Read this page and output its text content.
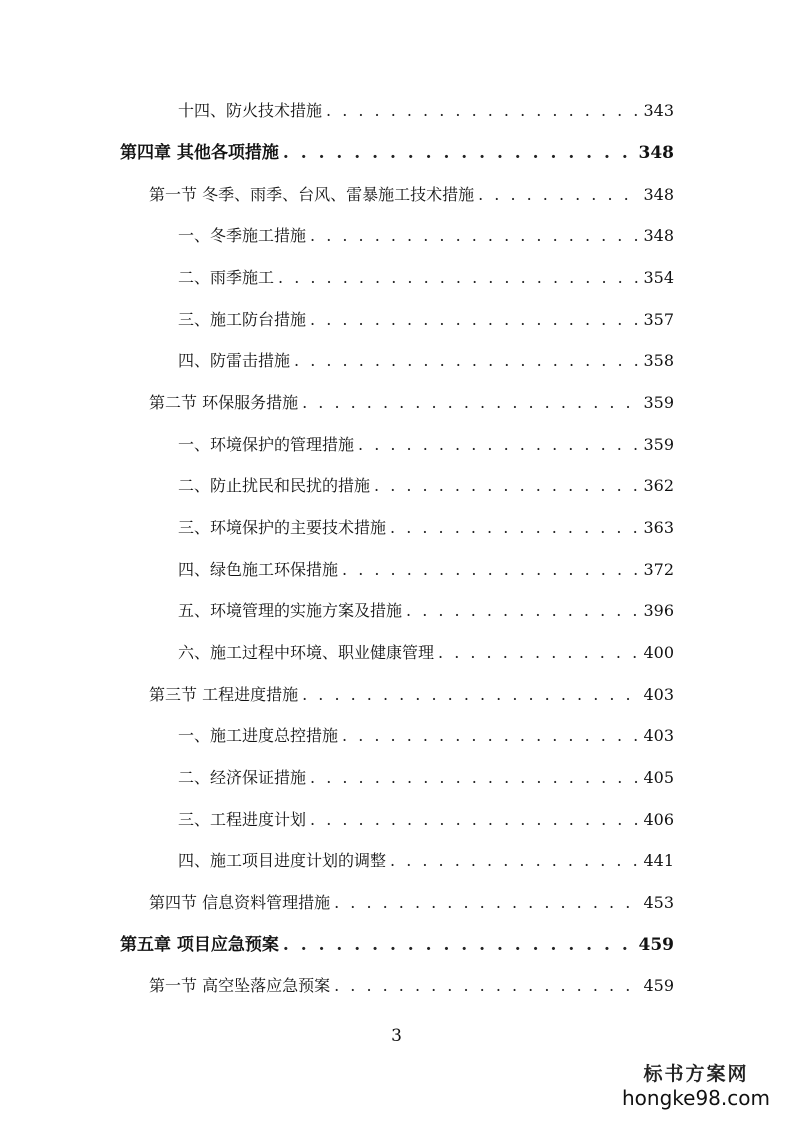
十四、防火技术措施 . . .	343
第四章 其他各项措施 . . .	348
第一节 冬季、雨季、台风、雷暴施工技术措施 . . .	348
一、冬季施工措施 . . .	348
二、雨季施工 . . .	354
三、施工防台措施 . . .	357
四、防雷击措施 . . .	358
第二节 环保服务措施 . . .	359
一、环境保护的管理措施 . . .	359
二、防止扰民和民扰的措施 . . .	362
三、环境保护的主要技术措施 . . .	363
四、绿色施工环保措施 . . .	372
五、环境管理的实施方案及措施 . . .	396
六、施工过程中环境、职业健康管理 . . .	400
第三节 工程进度措施 . . .	403
一、施工进度总控措施 . . .	403
二、经济保证措施 . . .	405
三、工程进度计划 . . .	406
四、施工项目进度计划的调整 . . .	441
第四节 信息资料管理措施 . . .	453
第五章 项目应急预案 . . .	459
第一节 高空坠落应急预案 . . .	459
3
标书方案网
hongke98.com
